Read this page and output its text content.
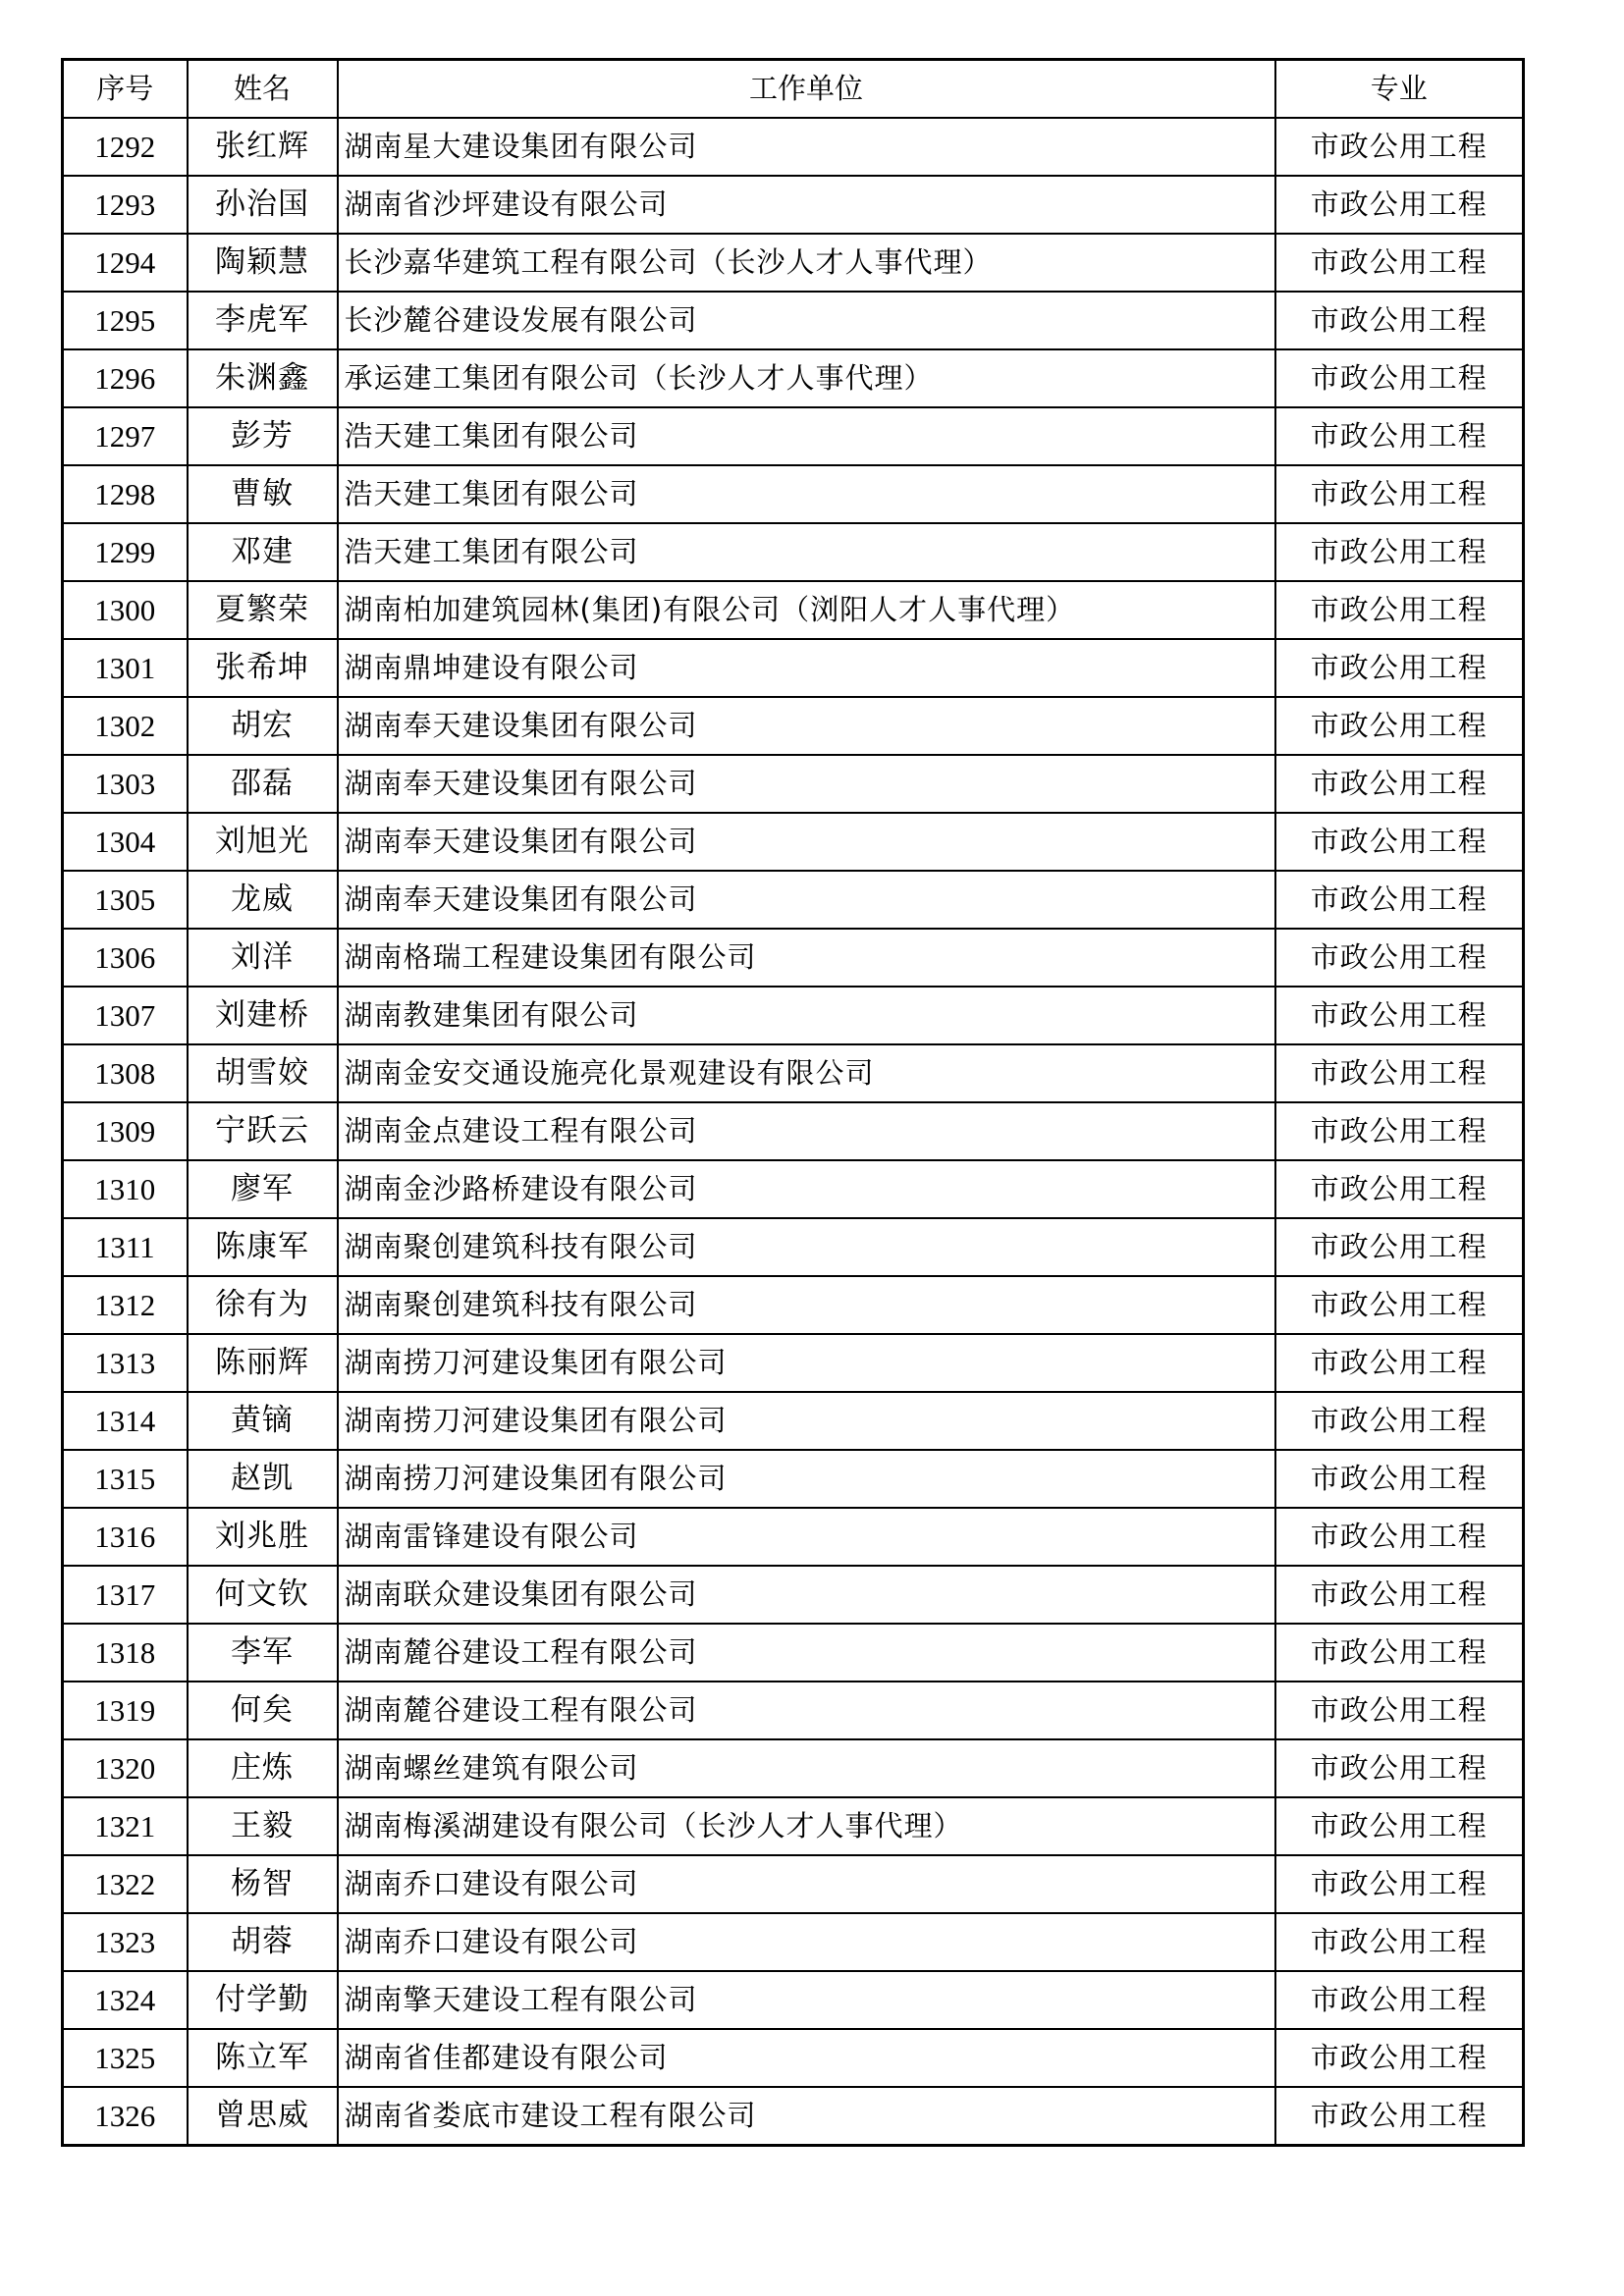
序号	姓名	工作单位	专业
1292	张红辉	湖南星大建设集团有限公司	市政公用工程
1293	孙治国	湖南省沙坪建设有限公司	市政公用工程
1294	陶颖慧	长沙嘉华建筑工程有限公司（长沙人才人事代理）	市政公用工程
1295	李虎军	长沙麓谷建设发展有限公司	市政公用工程
1296	朱渊鑫	承运建工集团有限公司（长沙人才人事代理）	市政公用工程
1297	彭芳	浩天建工集团有限公司	市政公用工程
1298	曹敏	浩天建工集团有限公司	市政公用工程
1299	邓建	浩天建工集团有限公司	市政公用工程
1300	夏繁荣	湖南柏加建筑园林(集团)有限公司（浏阳人才人事代理）	市政公用工程
1301	张希坤	湖南鼎坤建设有限公司	市政公用工程
1302	胡宏	湖南奉天建设集团有限公司	市政公用工程
1303	邵磊	湖南奉天建设集团有限公司	市政公用工程
1304	刘旭光	湖南奉天建设集团有限公司	市政公用工程
1305	龙威	湖南奉天建设集团有限公司	市政公用工程
1306	刘洋	湖南格瑞工程建设集团有限公司	市政公用工程
1307	刘建桥	湖南教建集团有限公司	市政公用工程
1308	胡雪姣	湖南金安交通设施亮化景观建设有限公司	市政公用工程
1309	宁跃云	湖南金点建设工程有限公司	市政公用工程
1310	廖军	湖南金沙路桥建设有限公司	市政公用工程
1311	陈康军	湖南聚创建筑科技有限公司	市政公用工程
1312	徐有为	湖南聚创建筑科技有限公司	市政公用工程
1313	陈丽辉	湖南捞刀河建设集团有限公司	市政公用工程
1314	黄镝	湖南捞刀河建设集团有限公司	市政公用工程
1315	赵凯	湖南捞刀河建设集团有限公司	市政公用工程
1316	刘兆胜	湖南雷锋建设有限公司	市政公用工程
1317	何文钦	湖南联众建设集团有限公司	市政公用工程
1318	李军	湖南麓谷建设工程有限公司	市政公用工程
1319	何矣	湖南麓谷建设工程有限公司	市政公用工程
1320	庄炼	湖南螺丝建筑有限公司	市政公用工程
1321	王毅	湖南梅溪湖建设有限公司（长沙人才人事代理）	市政公用工程
1322	杨智	湖南乔口建设有限公司	市政公用工程
1323	胡蓉	湖南乔口建设有限公司	市政公用工程
1324	付学勤	湖南擎天建设工程有限公司	市政公用工程
1325	陈立军	湖南省佳都建设有限公司	市政公用工程
1326	曾思威	湖南省娄底市建设工程有限公司	市政公用工程
